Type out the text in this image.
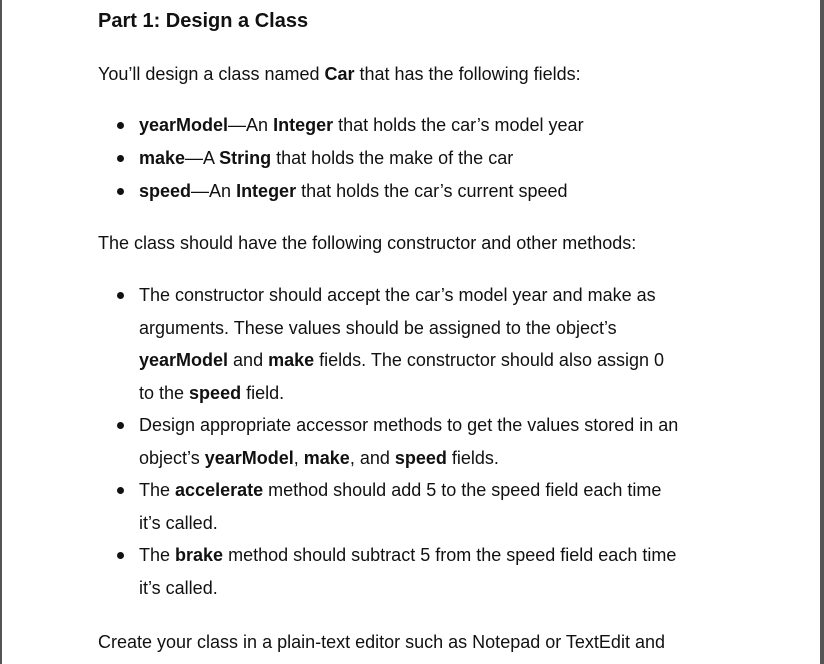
Part 1: Design a Class

You’ll design a class named Car that has the following fields:

yearModel—An Integer that holds the car’s model year
make—A String that holds the make of the car
speed—An Integer that holds the car’s current speed

The class should have the following constructor and other methods:

The constructor should accept the car’s model year and make as
arguments. These values should be assigned to the object’s
yearModel and make fields. The constructor should also assign 0
to the speed field.
Design appropriate accessor methods to get the values stored in an
object’s yearModel, make, and speed fields.
The accelerate method should add 5 to the speed field each time
it’s called.
The brake method should subtract 5 from the speed field each time
it’s called.

Create your class in a plain-text editor such as Notepad or TextEdit and
